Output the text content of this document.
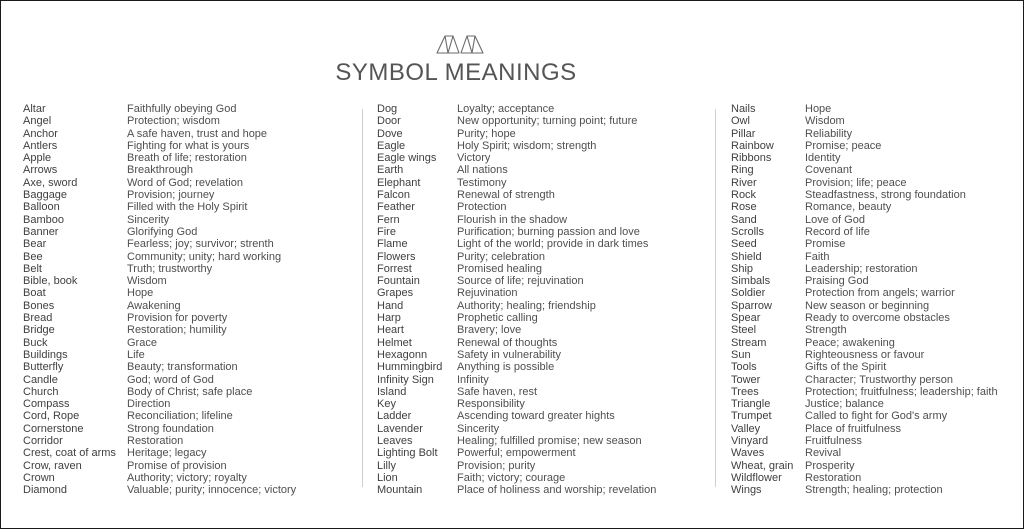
SYMBOL MEANINGS
Altar	Faithfully obeying God
Angel	Protection; wisdom
Anchor	A safe haven, trust and hope
Antlers	Fighting for what is yours
Apple	Breath of life; restoration
Arrows	Breakthrough
Axe, sword	Word of God; revelation
Baggage	Provision; journey
Balloon	Filled with the Holy Spirit
Bamboo	Sincerity
Banner	Glorifying God
Bear	Fearless; joy; survivor; strenth
Bee	Community; unity; hard working
Belt	Truth; trustworthy
Bible, book	Wisdom
Boat	Hope
Bones	Awakening
Bread	Provision for poverty
Bridge	Restoration; humility
Buck	Grace
Buildings	Life
Butterfly	Beauty; transformation
Candle	God; word of God
Church	Body of Christ; safe place
Compass	Direction
Cord, Rope	Reconciliation; lifeline
Cornerstone	Strong foundation
Corridor	Restoration
Crest, coat of arms	Heritage; legacy
Crow, raven	Promise of provision
Crown	Authority; victory; royalty
Diamond	Valuable; purity; innocence; victory
Dog	Loyalty; acceptance
Door	New opportunity; turning point; future
Dove	Purity; hope
Eagle	Holy Spirit; wisdom; strength
Eagle wings	Victory
Earth	All nations
Elephant	Testimony
Falcon	Renewal of strength
Feather	Protection
Fern	Flourish in the shadow
Fire	Purification; burning passion and love
Flame	Light of the world; provide in dark times
Flowers	Purity; celebration
Forrest	Promised healing
Fountain	Source of life; rejuvination
Grapes	Rejuvination
Hand	Authority; healing; friendship
Harp	Prophetic calling
Heart	Bravery; love
Helmet	Renewal of thoughts
Hexagonn	Safety in vulnerability
Hummingbird	Anything is possible
Infinity Sign	Infinity
Island	Safe haven, rest
Key	Responsibility
Ladder	Ascending toward greater hights
Lavender	Sincerity
Leaves	Healing; fulfilled promise; new season
Lighting Bolt	Powerful; empowerment
Lilly	Provision; purity
Lion	Faith; victory; courage
Mountain	Place of holiness and worship; revelation
Nails	Hope
Owl	Wisdom
Pillar	Reliability
Rainbow	Promise; peace
Ribbons	Identity
Ring	Covenant
River	Provision; life; peace
Rock	Steadfastness, strong foundation
Rose	Romance, beauty
Sand	Love of God
Scrolls	Record of life
Seed	Promise
Shield	Faith
Ship	Leadership; restoration
Simbals	Praising God
Soldier	Protection from angels; warrior
Sparrow	New season or beginning
Spear	Ready to overcome obstacles
Steel	Strength
Stream	Peace; awakening
Sun	Righteousness or favour
Tools	Gifts of the Spirit
Tower	Character; Trustworthy person
Trees	Protection; fruitfulness; leadership; faith
Triangle	Justice; balance
Trumpet	Called to fight for God's army
Valley	Place of fruitfulness
Vinyard	Fruitfulness
Waves	Revival
Wheat, grain	Prosperity
Wildflower	Restoration
Wings	Strength; healing; protection
